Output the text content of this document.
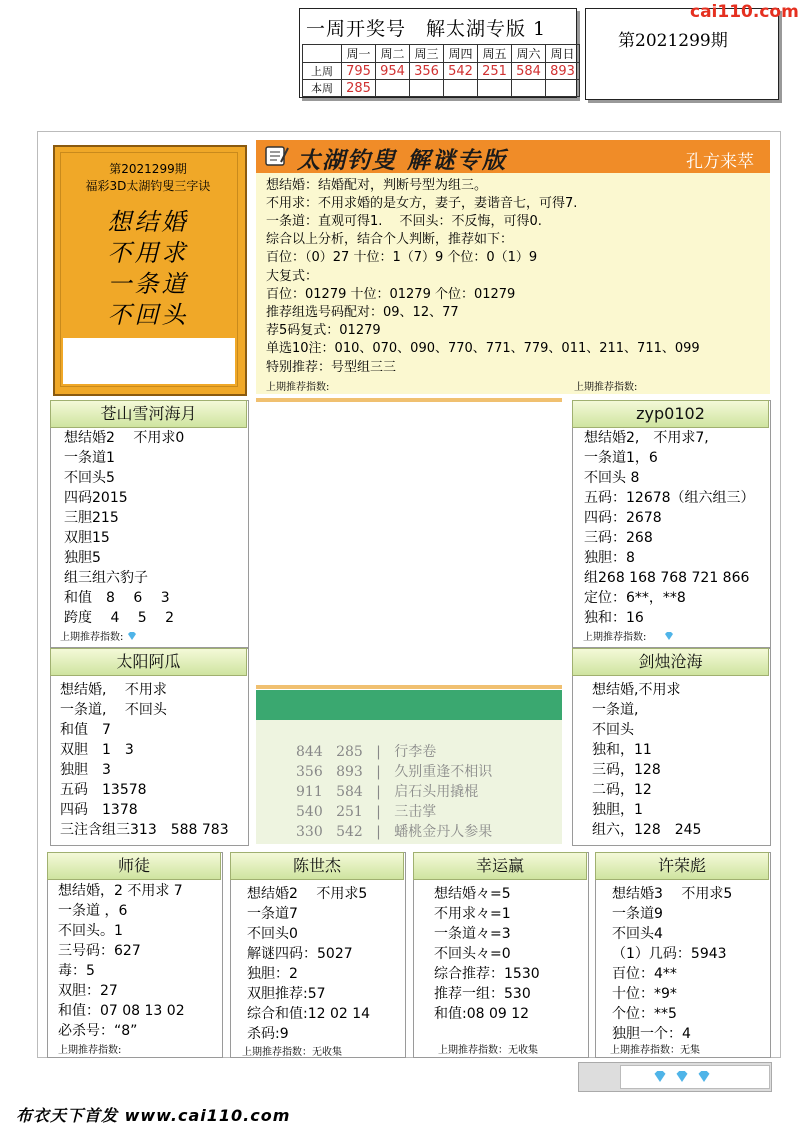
一周开奖号　解太湖专版 1
	周一	周二	周三	周四	周五	周六	周日
上周	795	954	356	542	251	584	893
本周	285						
第2021299期
cai110.com
第2021299期
福彩3D太湖钓叟三字诀
想结婚
不用求
一条道
不回头
太湖钓叟 解谜专版	孔方来萃
想结婚：结婚配对，判断号型为组三。
不用求：不用求婚的是女方，妻子，妻谐音七，可得7.
一条道：直观可得1.　 不回头：不反悔，可得0.
综合以上分析，结合个人判断，推荐如下：
百位：（0）27 十位：1（7）9 个位：0（1）9
大复式：
百位：01279 十位：01279 个位：01279
推荐组选号码配对：09、12、77
荐5码复式：01279
单选10注：010、070、090、770、771、779、011、211、711、099
特别推荐：号型组三三
上期推荐指数:	上期推荐指数:
苍山雪河海月
想结婚2　 不用求0
一条道1
不回头5
四码2015
三胆215
双胆15
独胆5
组三组六豹子
和值　8　 6　 3
跨度　 4　 5　 2
上期推荐指数:
zyp0102
想结婚2,　不用求7,
一条道1，6
不回头 8
五码：12678（组六组三）
四码：2678
三码：268
独胆：8
组268 168 768 721 866
定位：6**，**8
独和：16
上期推荐指数:
太阳阿瓜
想结婚,　 不用求
一条道,　 不回头
和值　7
双胆　1　3
独胆　3
五码　13578
四码　1378
三注含组三313　588 783
剑烛沧海
想结婚,不用求
一条道,
不回头
独和，11
三码，128
二码，12
独胆，1
组六，128　245
844 285   |   行李卷
356 893   |   久别重逢不相识
911 584   |   启石头用撬棍
540 251   |   三击掌
330 542   |   蟠桃金丹人参果
师徒
想结婚，2 不用求 7
一条道 ，6
不回头。1
三号码：627
毒：5
双胆：27
和值：07 08 13 02
必杀号：“8”
上期推荐指数:
陈世杰
想结婚2　 不用求5
一条道7
不回头0
解谜四码：5027
独胆：2
双胆推荐:57
综合和值:12 02 14
杀码:9
上期推荐指数：无收集
幸运赢
想结婚々=5
不用求々=1
一条道々=3
不回头々=0
综合推荐：1530
推荐一组：530
和值:08 09 12
上期推荐指数：无收集
许荣彪
想结婚3　 不用求5
一条道9
不回头4
（1）几码：5943
百位：4**
十位：*9*
个位：**5
独胆一个：4
上期推荐指数：无集
布衣天下首发 www.cai110.com
